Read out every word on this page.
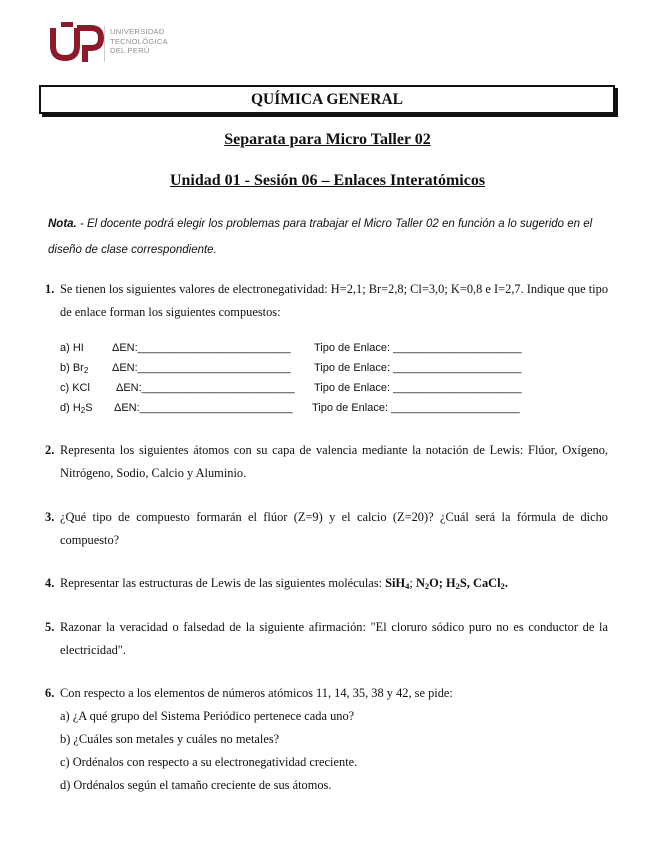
UNIVERSIDAD
TECNOLÓGICA
DEL PERÚ
QUÍMICA GENERAL
Separata para Micro Taller 02
Unidad 01 - Sesión 06 – Enlaces Interatómicos
Nota. - El docente podrá elegir los problemas para trabajar el Micro Taller 02 en función a lo sugerido en el diseño de clase correspondiente.
1. Se tienen los siguientes valores de electronegatividad: H=2,1; Br=2,8; Cl=3,0; K=0,8 e I=2,7. Indique que tipo de enlace forman los siguientes compuestos:
a) HI	ΔEN:_________________________ Tipo de Enlace: _____________________
b) $Br_2$ ΔEN:_________________________ Tipo de Enlace: _____________________
c) KCl ΔEN:_________________________ Tipo de Enlace: _____________________
d) $H_2S$ ΔEN:_________________________ Tipo de Enlace: _____________________
2. Representa los siguientes átomos con su capa de valencia mediante la notación de Lewis: Flúor, Oxígeno, Nitrógeno, Sodio, Calcio y Aluminio.
3. ¿Qué tipo de compuesto formarán el flúor (Z=9) y el calcio (Z=20)? ¿Cuál será la fórmula de dicho compuesto?
4. Representar las estructuras de Lewis de las siguientes moléculas: SiH4; N2O; H2S, CaCl2.
5. Razonar la veracidad o falsedad de la siguiente afirmación: "El cloruro sódico puro no es conductor de la electricidad".
6. Con respecto a los elementos de números atómicos 11, 14, 35, 38 y 42, se pide:
a) ¿A qué grupo del Sistema Periódico pertenece cada uno?
b) ¿Cuáles son metales y cuáles no metales?
c) Ordénalos con respecto a su electronegatividad creciente.
d) Ordénalos según el tamaño creciente de sus átomos.
